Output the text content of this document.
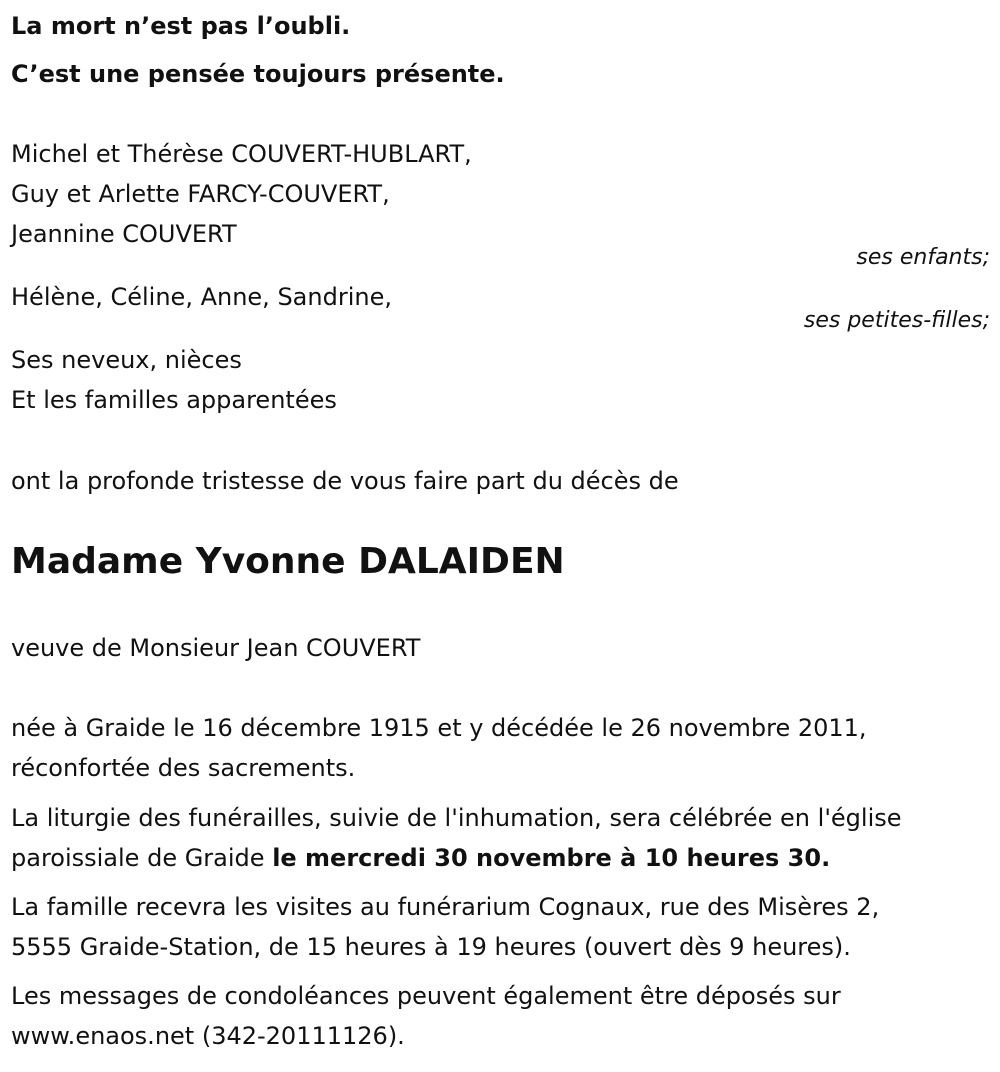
La mort n’est pas l’oubli.
C’est une pensée toujours présente.
Michel et Thérèse COUVERT-HUBLART,
Guy et Arlette FARCY-COUVERT,
Jeannine COUVERT
ses enfants;
Hélène, Céline, Anne, Sandrine,
ses petites-filles;
Ses neveux, nièces
Et les familles apparentées
ont la profonde tristesse de vous faire part du décès de
Madame Yvonne DALAIDEN
veuve de Monsieur Jean COUVERT
née à Graide le 16 décembre 1915 et y décédée le 26 novembre 2011,
réconfortée des sacrements.
La liturgie des funérailles, suivie de l'inhumation, sera célébrée en l'église
paroissiale de Graide le mercredi 30 novembre à 10 heures 30.
La famille recevra les visites au funérarium Cognaux, rue des Misères 2,
5555 Graide-Station, de 15 heures à 19 heures (ouvert dès 9 heures).
Les messages de condoléances peuvent également être déposés sur
www.enaos.net (342-20111126).
